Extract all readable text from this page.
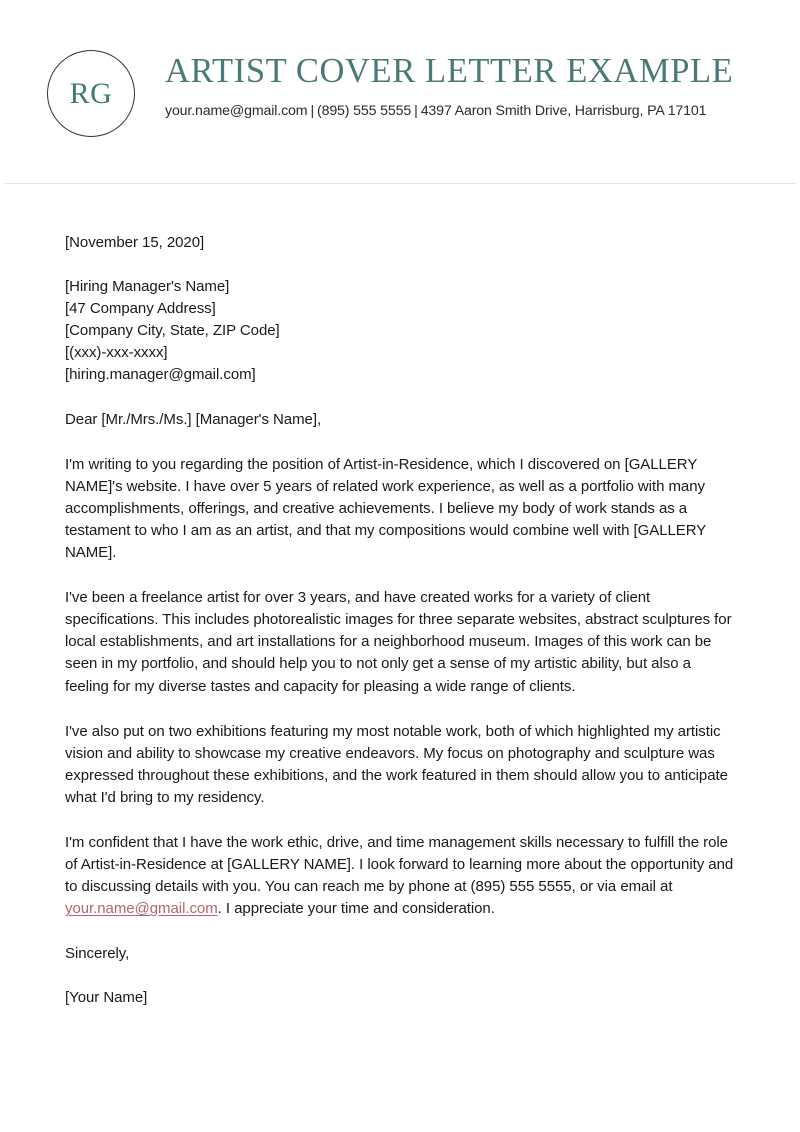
RG
ARTIST COVER LETTER EXAMPLE
your.name@gmail.com | (895) 555 5555 | 4397 Aaron Smith Drive, Harrisburg, PA 17101

[November 15, 2020]

[Hiring Manager's Name]

[47 Company Address]

[Company City, State, ZIP Code]

[(xxx)-xxx-xxxx]

[hiring.manager@gmail.com]

Dear [Mr./Mrs./Ms.] [Manager's Name],

I'm writing to you regarding the position of Artist-in-Residence, which I discovered on [GALLERY NAME]'s website. I have over 5 years of related work experience, as well as a portfolio with many accomplishments, offerings, and creative achievements. I believe my body of work stands as a testament to who I am as an artist, and that my compositions would combine well with [GALLERY NAME].

I've been a freelance artist for over 3 years, and have created works for a variety of client specifications. This includes photorealistic images for three separate websites, abstract sculptures for local establishments, and art installations for a neighborhood museum. Images of this work can be seen in my portfolio, and should help you to not only get a sense of my artistic ability, but also a feeling for my diverse tastes and capacity for pleasing a wide range of clients.

I've also put on two exhibitions featuring my most notable work, both of which highlighted my artistic vision and ability to showcase my creative endeavors. My focus on photography and sculpture was expressed throughout these exhibitions, and the work featured in them should allow you to anticipate what I'd bring to my residency.

I'm confident that I have the work ethic, drive, and time management skills necessary to fulfill the role of Artist-in-Residence at [GALLERY NAME]. I look forward to learning more about the opportunity and to discussing details with you. You can reach me by phone at (895) 555 5555, or via email at your.name@gmail.com. I appreciate your time and consideration.

Sincerely,

[Your Name]
